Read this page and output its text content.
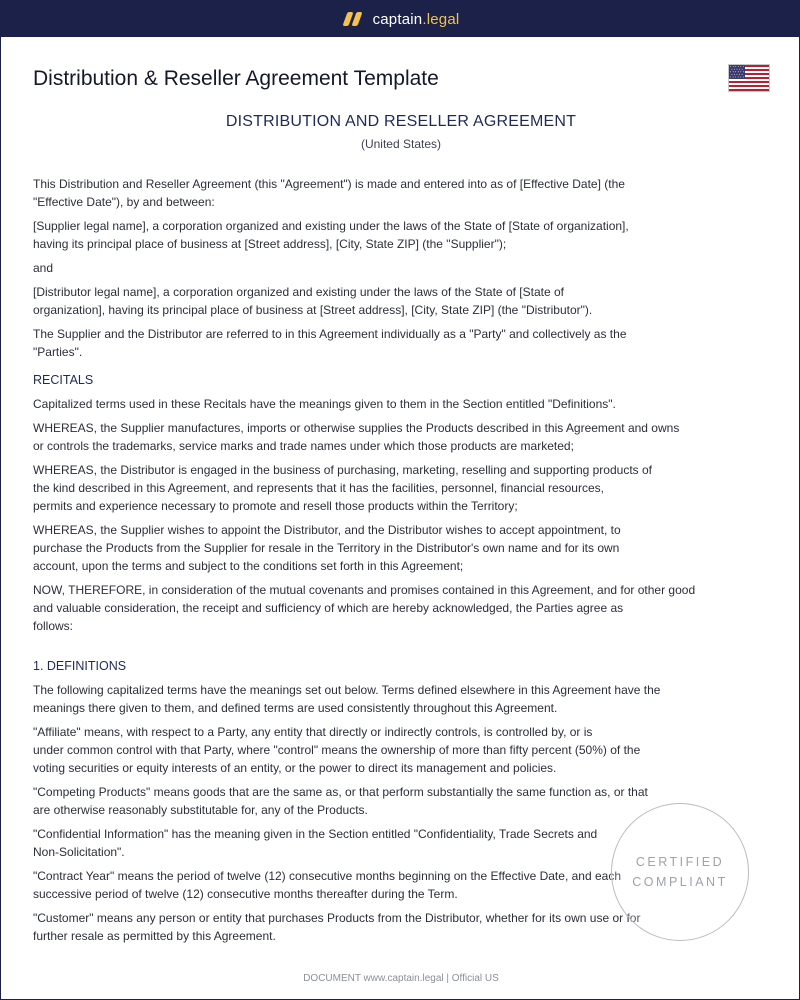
captain.legal
Distribution & Reseller Agreement Template
DISTRIBUTION AND RESELLER AGREEMENT

(United States)

This Distribution and Reseller Agreement (this "Agreement") is made and entered into as of [Effective Date] (the
"Effective Date"), by and between:

[Supplier legal name], a corporation organized and existing under the laws of the State of [State of organization],
having its principal place of business at [Street address], [City, State ZIP] (the "Supplier");

and

[Distributor legal name], a corporation organized and existing under the laws of the State of [State of
organization], having its principal place of business at [Street address], [City, State ZIP] (the "Distributor").

The Supplier and the Distributor are referred to in this Agreement individually as a "Party" and collectively as the
"Parties".

RECITALS

Capitalized terms used in these Recitals have the meanings given to them in the Section entitled "Definitions".

WHEREAS, the Supplier manufactures, imports or otherwise supplies the Products described in this Agreement and owns
or controls the trademarks, service marks and trade names under which those products are marketed;

WHEREAS, the Distributor is engaged in the business of purchasing, marketing, reselling and supporting products of
the kind described in this Agreement, and represents that it has the facilities, personnel, financial resources,
permits and experience necessary to promote and resell those products within the Territory;

WHEREAS, the Supplier wishes to appoint the Distributor, and the Distributor wishes to accept appointment, to
purchase the Products from the Supplier for resale in the Territory in the Distributor's own name and for its own
account, upon the terms and subject to the conditions set forth in this Agreement;

NOW, THEREFORE, in consideration of the mutual covenants and promises contained in this Agreement, and for other good
and valuable consideration, the receipt and sufficiency of which are hereby acknowledged, the Parties agree as
follows:

1. DEFINITIONS

The following capitalized terms have the meanings set out below. Terms defined elsewhere in this Agreement have the
meanings there given to them, and defined terms are used consistently throughout this Agreement.

"Affiliate" means, with respect to a Party, any entity that directly or indirectly controls, is controlled by, or is
under common control with that Party, where "control" means the ownership of more than fifty percent (50%) of the
voting securities or equity interests of an entity, or the power to direct its management and policies.

"Competing Products" means goods that are the same as, or that perform substantially the same function as, or that
are otherwise reasonably substitutable for, any of the Products.

"Confidential Information" has the meaning given in the Section entitled "Confidentiality, Trade Secrets and
Non-Solicitation".

"Contract Year" means the period of twelve (12) consecutive months beginning on the Effective Date, and each
successive period of twelve (12) consecutive months thereafter during the Term.

"Customer" means any person or entity that purchases Products from the Distributor, whether for its own use or for
further resale as permitted by this Agreement.

CERTIFIED
COMPLIANT
DOCUMENT www.captain.legal | Official US
